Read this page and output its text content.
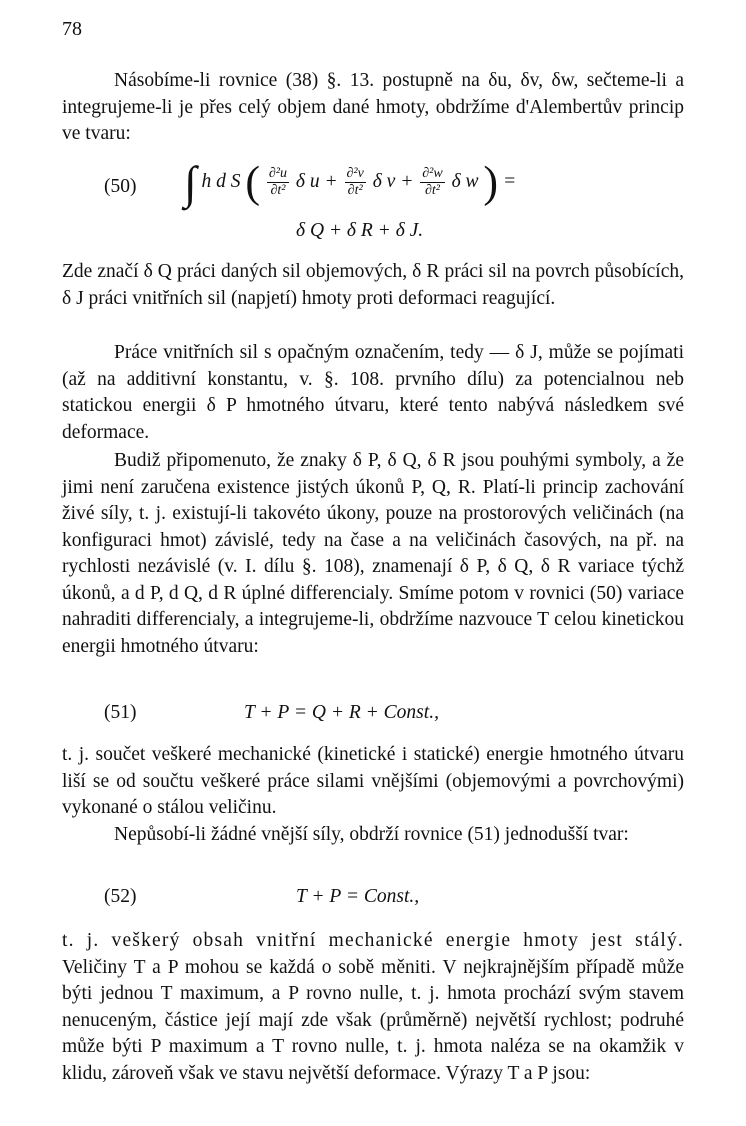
78

Násobíme-li rovnice (38) §. 13. postupně na δu, δv, δw, sečteme-li a integrujeme-li je přes celý objem dané hmoty, obdržíme d'Alembertův princip ve tvaru:

(50) ∫ h d S ( $\frac{\text{∂²u}}{\text{∂t²}}$ δ $u + \frac{\text{∂²v}}{\text{∂t²}}$ δ $v + \frac{\text{∂²w}}{\text{∂t²}}$ δ w ) =
δ Q + δ R + δ J.

Zde značí δ Q práci daných sil objemových, δ R práci sil na povrch působících, δ J práci vnitřních sil (napjetí) hmoty proti deformaci reagující.

Práce vnitřních sil s opačným označením, tedy — δ J, může se pojímati (až na additivní konstantu, v. §. 108. prvního dílu) za potencialnou neb statickou energii δ P hmotného útvaru, které tento nabývá následkem své deformace.

Budiž připomenuto, že znaky δ P, δ Q, δ R jsou pouhými symboly, a že jimi není zaručena existence jistých úkonů P, Q, R. Platí-li princip zachování živé síly, t. j. existují-li takovéto úkony, pouze na prostorových veličinách (na konfiguraci hmot) závislé, tedy na čase a na veličinách časových, na př. na rychlosti nezávislé (v. I. dílu §. 108), znamenají δ P, δ Q, δ R variace týchž úkonů, a d P, d Q, d R úplné differencialy. Smíme potom v rovnici (50) variace nahraditi differencialy, a integrujeme-li, obdržíme nazvouce T celou kinetickou energii hmotného útvaru:

(51)	T + P = Q + R + Const.,

t. j. součet veškeré mechanické (kinetické i statické) energie hmotného útvaru liší se od součtu veškeré práce silami vnějšími (objemovými a povrchovými) vykonané o stálou veličinu.

Nepůsobí-li žádné vnější síly, obdrží rovnice (51) jednodušší tvar:

(52)	T + P = Const.,

t. j. veškerý obsah vnitřní mechanické energie hmoty jest stálý. Veličiny T a P mohou se každá o sobě měniti. V nejkrajnějším případě může býti jednou T maximum, a P rovno nulle, t. j. hmota prochází svým stavem nenuceným, částice její mají zde však (průměrně) největší rychlost; podruhé může býti P maximum a T rovno nulle, t. j. hmota naléza se na okamžik v klidu, zároveň však ve stavu největší deformace. Výrazy T a P jsou:
